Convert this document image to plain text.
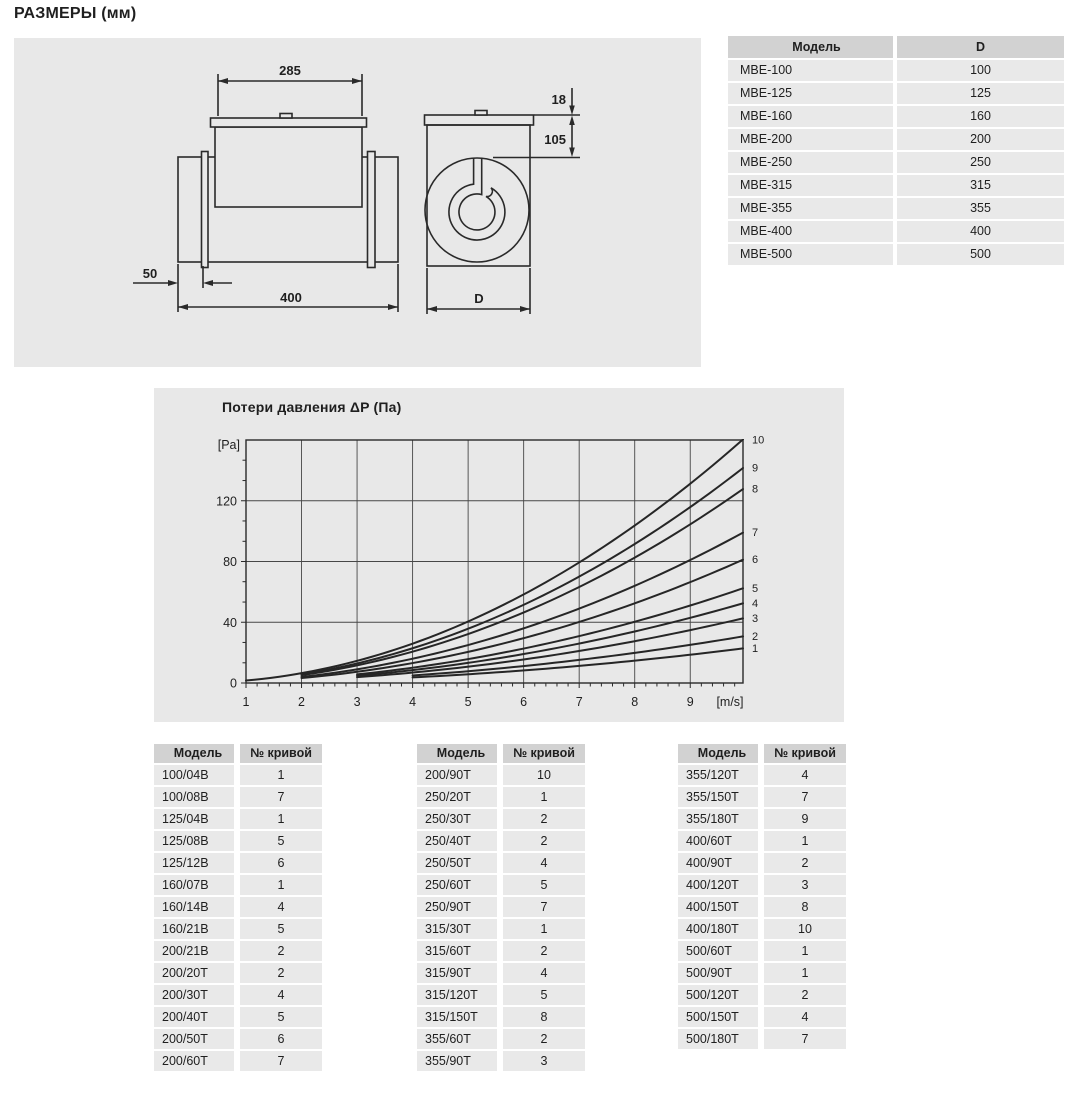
РАЗМЕРЫ (мм)
285
50
400
18
105
D
Модель	D
МВЕ-100	100
МВЕ-125	125
МВЕ-160	160
МВЕ-200	200
МВЕ-250	250
МВЕ-315	315
МВЕ-355	355
МВЕ-400	400
МВЕ-500	500
1
2
3
4
5
6
7
8
9
10
1	2	3	4	5	6	7	8	9 [m/s]
0
40
80
120
[Pa]
Потери давления ΔP (Па)
Модель	№ кривой
100/04В	1
100/08В	7
125/04В	1
125/08В	5
125/12В	6
160/07В	1
160/14В	4
160/21В	5
200/21В	2
200/20Т	2
200/30Т	4
200/40Т	5
200/50Т	6
200/60Т	7
Модель	№ кривой
200/90Т	10
250/20Т	1
250/30Т	2
250/40Т	2
250/50Т	4
250/60Т	5
250/90Т	7
315/30Т	1
315/60Т	2
315/90Т	4
315/120Т	5
315/150Т	8
355/60Т	2
355/90Т	3
Модель	№ кривой
355/120Т	4
355/150Т	7
355/180Т	9
400/60Т	1
400/90Т	2
400/120Т	3
400/150Т	8
400/180Т	10
500/60Т	1
500/90Т	1
500/120Т	2
500/150Т	4
500/180Т	7
